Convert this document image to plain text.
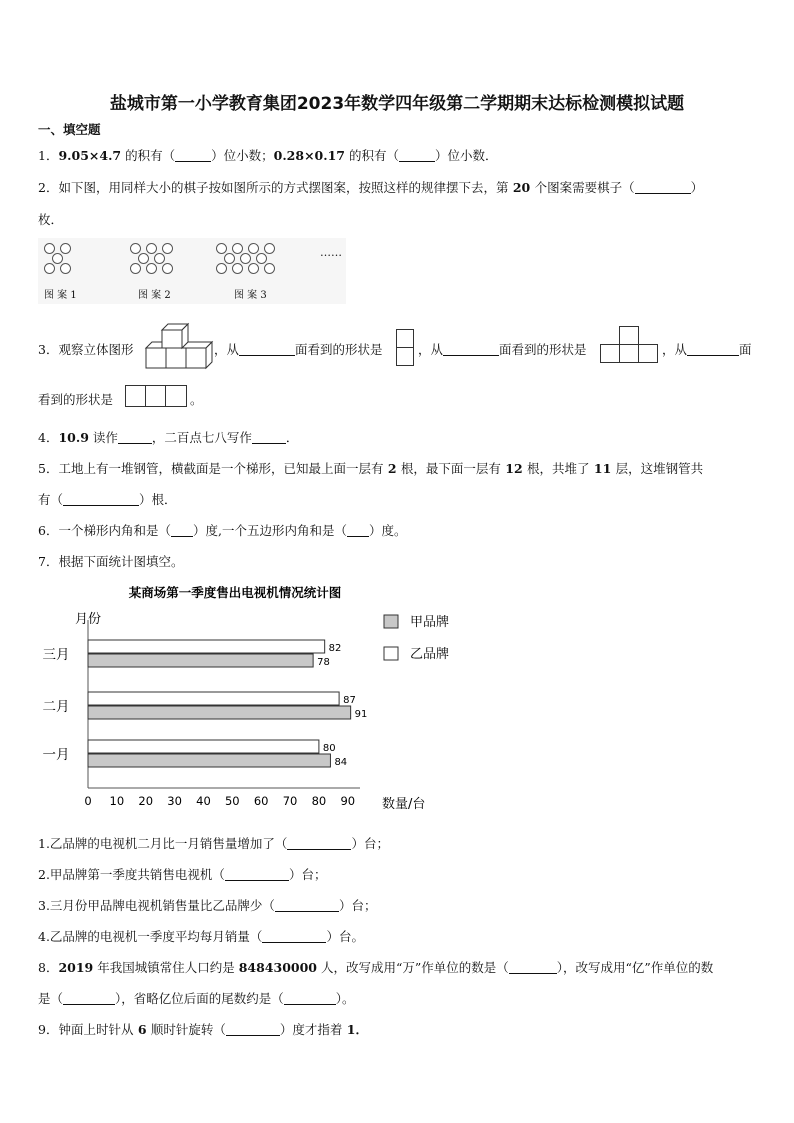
盐城市第一小学教育集团2023年数学四年级第二学期期末达标检测模拟试题
一、填空题
1．9.05×4.7 的积有（	）位小数；0.28×0.17 的积有（	）位小数．
2．如下图，用同样大小的棋子按如图所示的方式摆图案，按照这样的规律摆下去，第 20 个图案需要棋子（	）
枚．
……
图 案 1	图 案 2	图 案 3
3．观察立体图形	，从	面看到的形状是	，从	面看到的形状是	，从	面
看到的形状是	。
4．10.9 读作	，二百点七八写作	．
5．工地上有一堆钢管，横截面是一个梯形，已知最上面一层有 2 根，最下面一层有 12 根，共堆了 11 层，这堆钢管共
有（	）根．
6．一个梯形内角和是（ ）度,一个五边形内角和是（ ）度。
7．根据下面统计图填空。
某商场第一季度售出电视机情况统计图
月份
数量/台
0 10 20 30 40 50 60 70 80 90
三月
二月
一月
82
78
87
91
80
84
甲品牌
乙品牌
1.乙品牌的电视机二月比一月销售量增加了（	）台；
2.甲品牌第一季度共销售电视机（	）台；
3.三月份甲品牌电视机销售量比乙品牌少（	）台；
4.乙品牌的电视机一季度平均每月销量（	）台。
8．2019 年我国城镇常住人口约是 848430000 人，改写成用“万”作单位的数是（	），改写成用“亿”作单位的数
是（	），省略亿位后面的尾数约是（	）。
9．钟面上时针从 6 顺时针旋转（	）度才指着 1．
